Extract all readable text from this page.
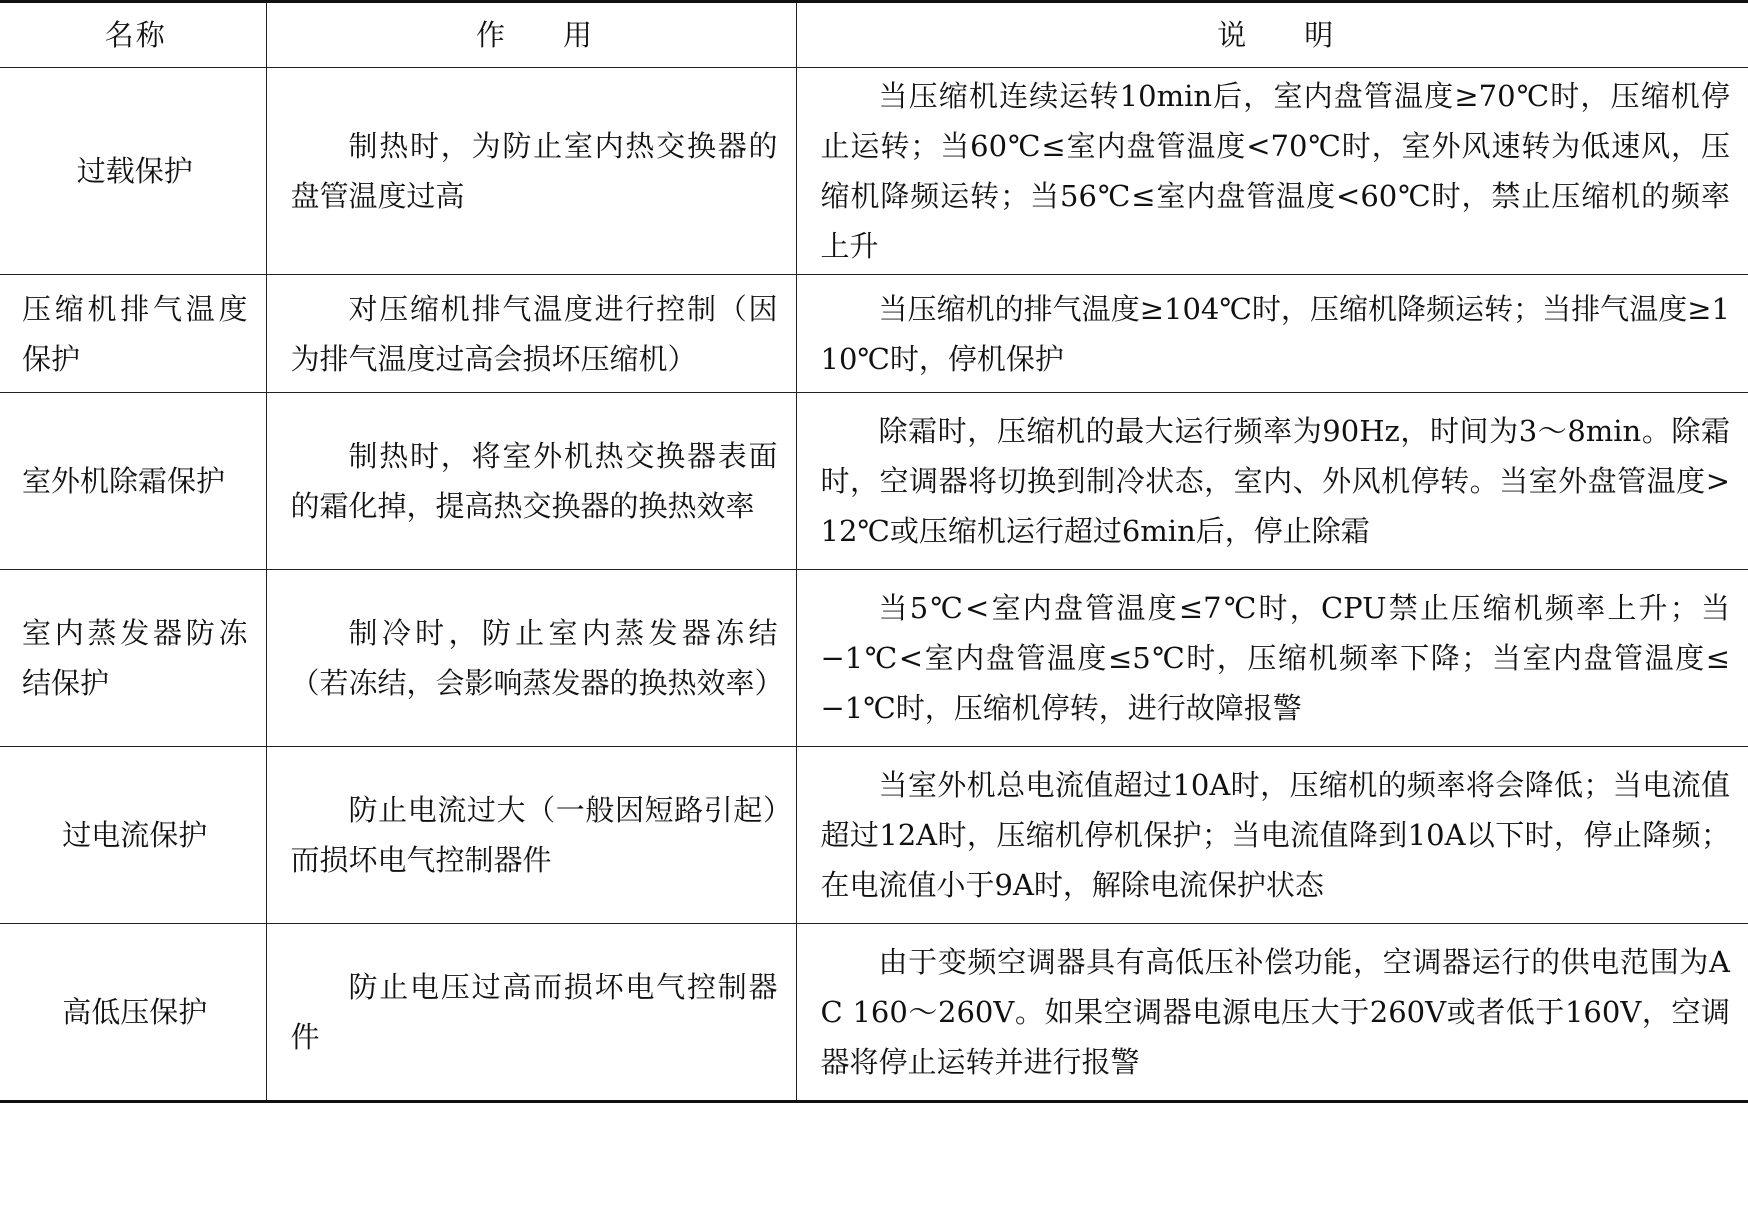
名称	作　　用	说　　明
过载保护	制热时，为防止室内热交换器的盘管温度过高	当压缩机连续运转10min后，室内盘管温度≥70℃时，压缩机停止运转；当60℃≤室内盘管温度<70℃时，室外风速转为低速风，压缩机降频运转；当56℃≤室内盘管温度<60℃时，禁止压缩机的频率上升
压缩机排气温度保护	对压缩机排气温度进行控制（因为排气温度过高会损坏压缩机）	当压缩机的排气温度≥104℃时，压缩机降频运转；当排气温度≥110℃时，停机保护
室外机除霜保护	制热时，将室外机热交换器表面的霜化掉，提高热交换器的换热效率	除霜时，压缩机的最大运行频率为90Hz，时间为3～8min。除霜时，空调器将切换到制冷状态，室内、外风机停转。当室外盘管温度>12℃或压缩机运行超过6min后，停止除霜
室内蒸发器防冻结保护	制冷时，防止室内蒸发器冻结（若冻结，会影响蒸发器的换热效率）	当5℃<室内盘管温度≤7℃时，CPU禁止压缩机频率上升；当−1℃<室内盘管温度≤5℃时，压缩机频率下降；当室内盘管温度≤−1℃时，压缩机停转，进行故障报警
过电流保护	防止电流过大（一般因短路引起）而损坏电气控制器件	当室外机总电流值超过10A时，压缩机的频率将会降低；当电流值超过12A时，压缩机停机保护；当电流值降到10A以下时，停止降频；在电流值小于9A时，解除电流保护状态
高低压保护	防止电压过高而损坏电气控制器件	由于变频空调器具有高低压补偿功能，空调器运行的供电范围为AC 160～260V。如果空调器电源电压大于260V或者低于160V，空调器将停止运转并进行报警
